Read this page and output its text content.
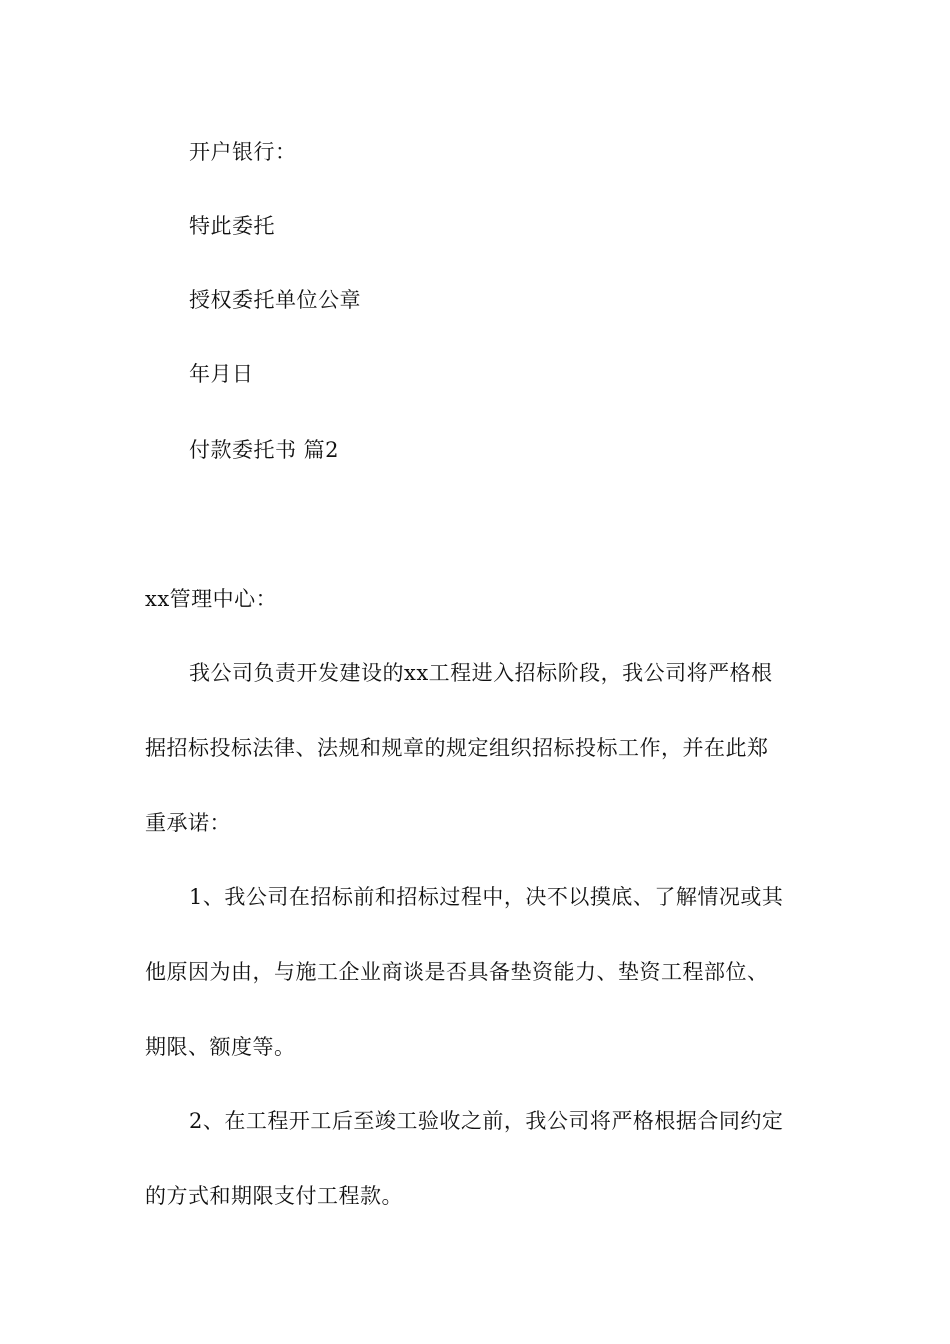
开户银行：
特此委托
授权委托单位公章
年月日
付款委托书 篇2
xx管理中心：
我公司负责开发建设的xx工程进入招标阶段，我公司将严格根
据招标投标法律、法规和规章的规定组织招标投标工作，并在此郑
重承诺：
1、我公司在招标前和招标过程中，决不以摸底、了解情况或其
他原因为由，与施工企业商谈是否具备垫资能力、垫资工程部位、
期限、额度等。
2、在工程开工后至竣工验收之前，我公司将严格根据合同约定
的方式和期限支付工程款。
